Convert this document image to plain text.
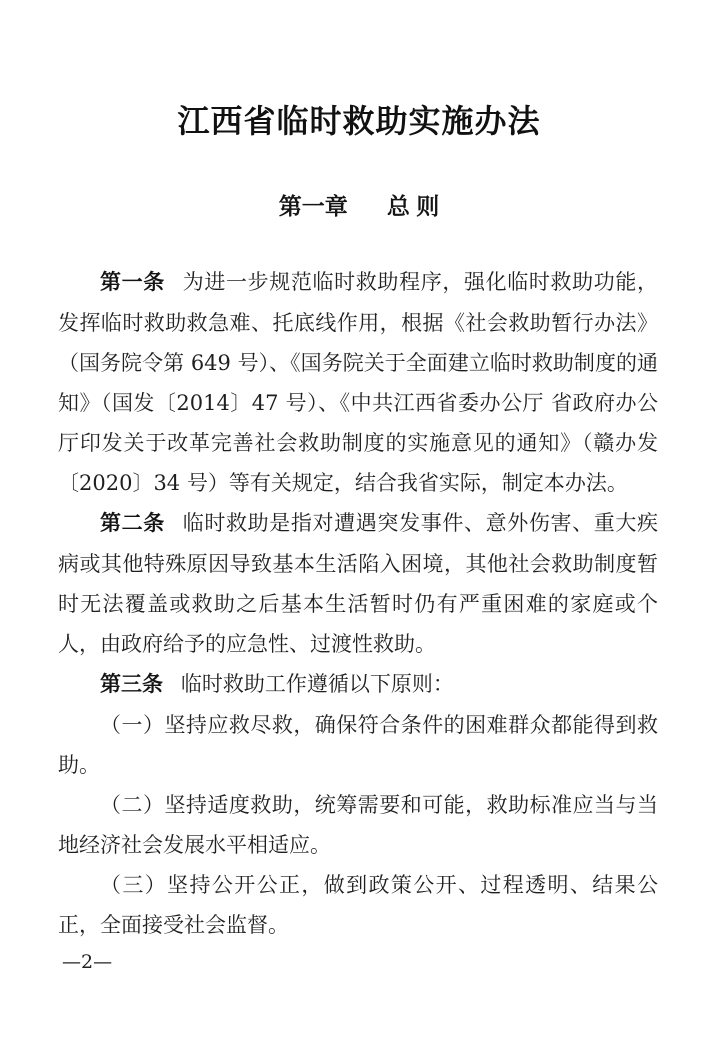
江西省临时救助实施办法
第一章 总 则

第一条 为进一步规范临时救助程序，强化临时救助功能，发挥临时救助救急难、托底线作用，根据《社会救助暂行办法》（国务院令第 649 号）、《国务院关于全面建立临时救助制度的通知》（国发〔2014〕47 号）、《中共江西省委办公厅 省政府办公厅印发关于改革完善社会救助制度的实施意见的通知》（赣办发〔2020〕34 号）等有关规定，结合我省实际，制定本办法。

第二条 临时救助是指对遭遇突发事件、意外伤害、重大疾病或其他特殊原因导致基本生活陷入困境，其他社会救助制度暂时无法覆盖或救助之后基本生活暂时仍有严重困难的家庭或个人，由政府给予的应急性、过渡性救助。

第三条 临时救助工作遵循以下原则：

（一）坚持应救尽救，确保符合条件的困难群众都能得到救助。

（二）坚持适度救助，统筹需要和可能，救助标准应当与当地经济社会发展水平相适应。

（三）坚持公开公正，做到政策公开、过程透明、结果公正，全面接受社会监督。

—2—
